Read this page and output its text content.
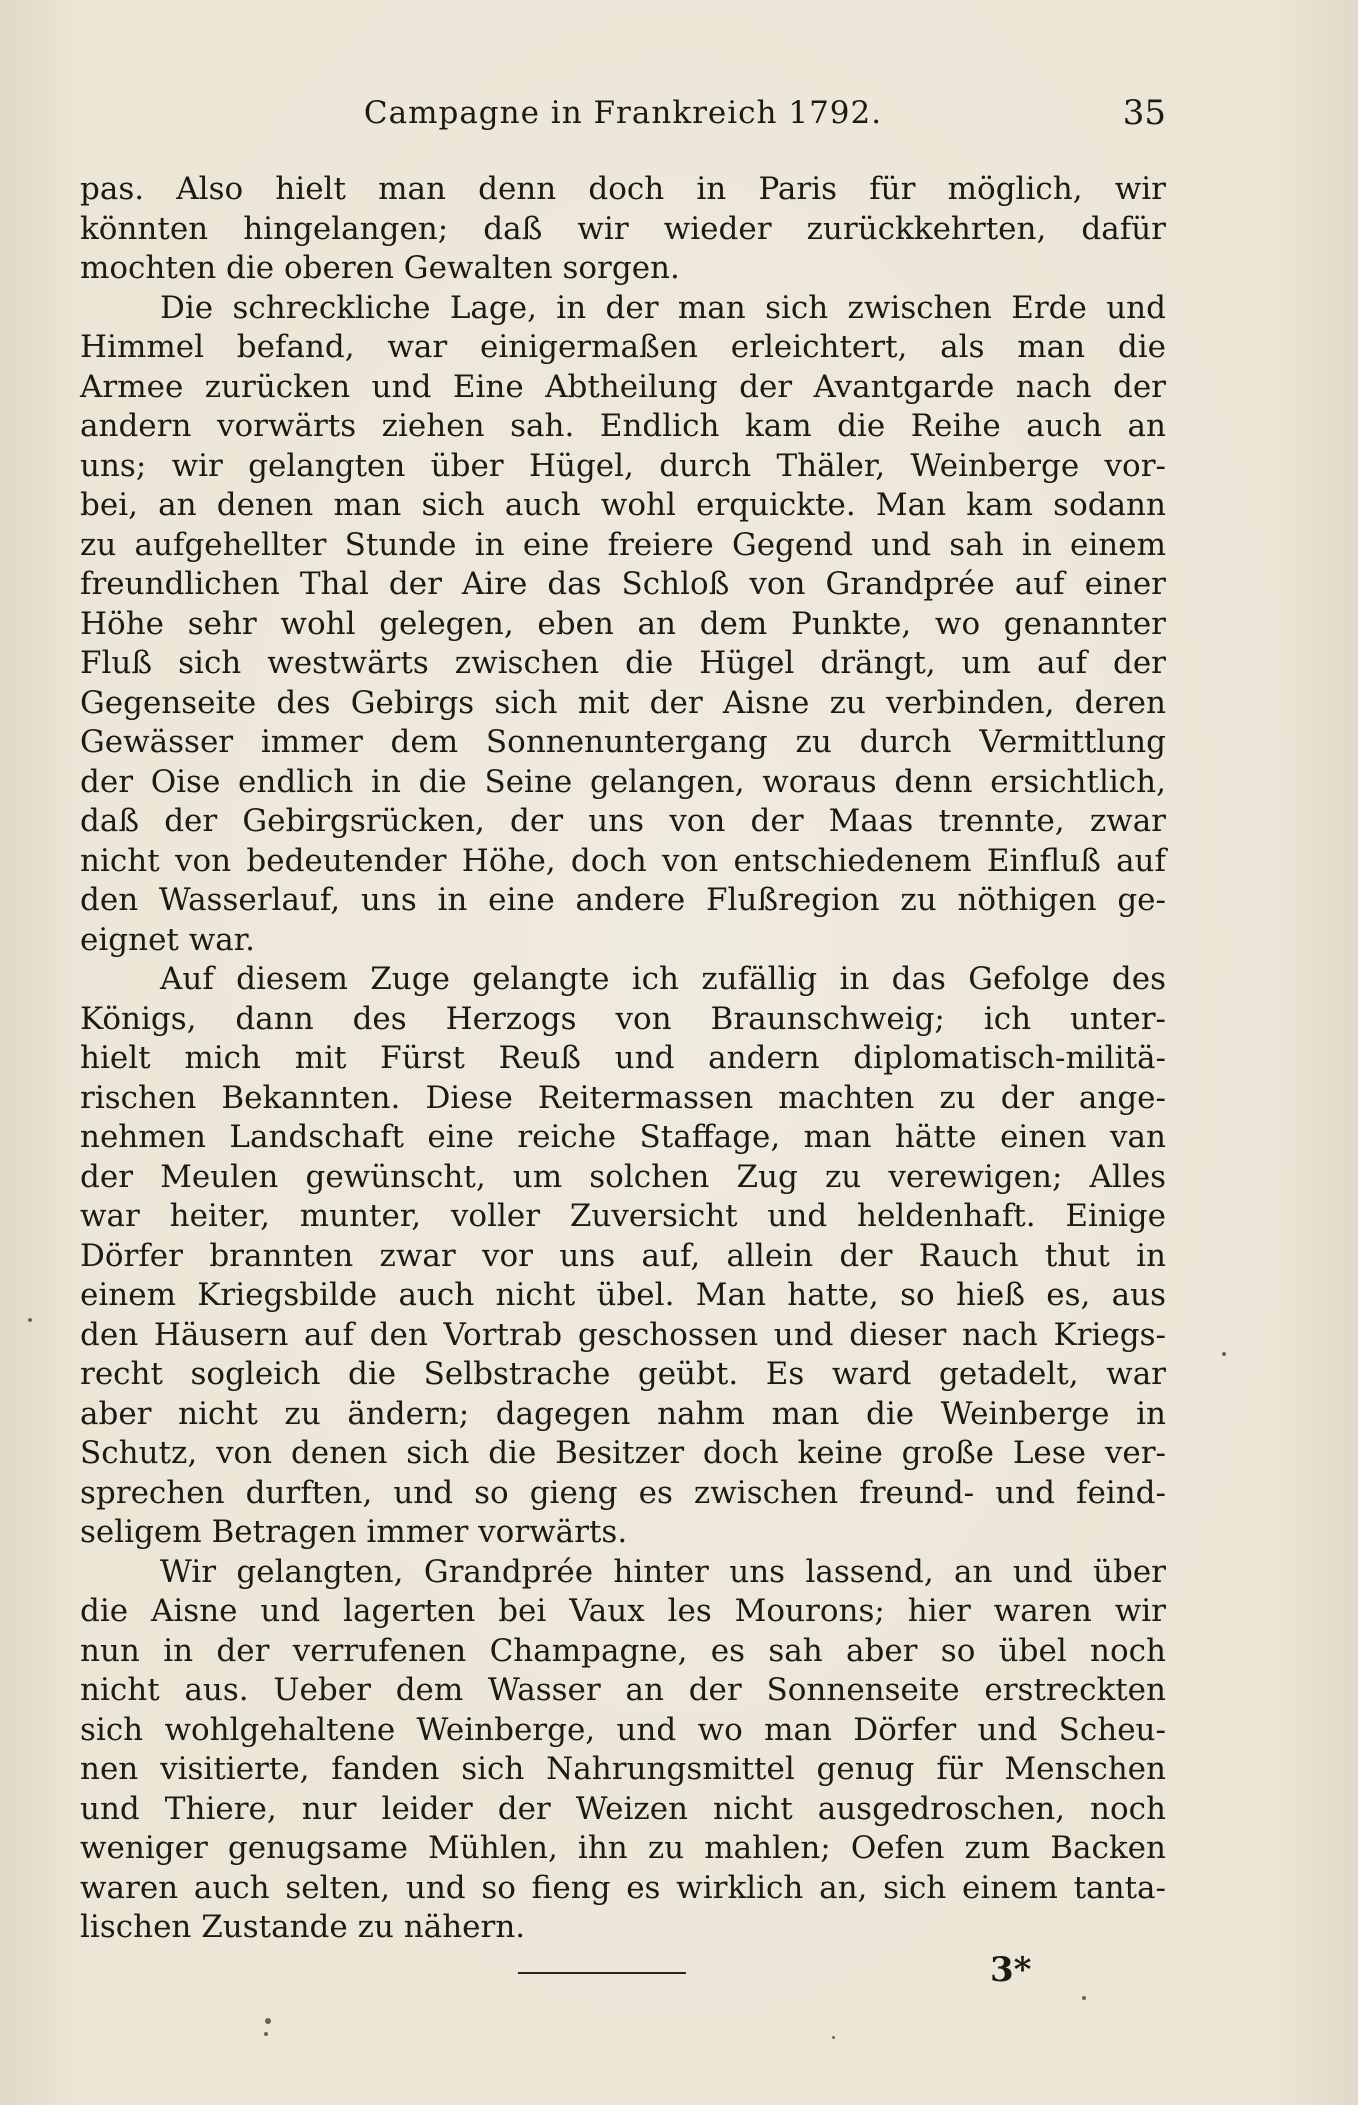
Campagne in Frankreich 1792.	35
pas. Also hielt man denn doch in Paris für möglich, wir
könnten hingelangen; daß wir wieder zurückkehrten, dafür
mochten die oberen Gewalten sorgen.
Die schreckliche Lage, in der man sich zwischen Erde und
Himmel befand, war einigermaßen erleichtert, als man die
Armee zurücken und Eine Abtheilung der Avantgarde nach der
andern vorwärts ziehen sah. Endlich kam die Reihe auch an
uns; wir gelangten über Hügel, durch Thäler, Weinberge vor-
bei, an denen man sich auch wohl erquickte. Man kam sodann
zu aufgehellter Stunde in eine freiere Gegend und sah in einem
freundlichen Thal der Aire das Schloß von Grandprée auf einer
Höhe sehr wohl gelegen, eben an dem Punkte, wo genannter
Fluß sich westwärts zwischen die Hügel drängt, um auf der
Gegenseite des Gebirgs sich mit der Aisne zu verbinden, deren
Gewässer immer dem Sonnenuntergang zu durch Vermittlung
der Oise endlich in die Seine gelangen, woraus denn ersichtlich,
daß der Gebirgsrücken, der uns von der Maas trennte, zwar
nicht von bedeutender Höhe, doch von entschiedenem Einfluß auf
den Wasserlauf, uns in eine andere Flußregion zu nöthigen ge-
eignet war.
Auf diesem Zuge gelangte ich zufällig in das Gefolge des
Königs, dann des Herzogs von Braunschweig; ich unter-
hielt mich mit Fürst Reuß und andern diplomatisch-militä-
rischen Bekannten. Diese Reitermassen machten zu der ange-
nehmen Landschaft eine reiche Staffage, man hätte einen van
der Meulen gewünscht, um solchen Zug zu verewigen; Alles
war heiter, munter, voller Zuversicht und heldenhaft. Einige
Dörfer brannten zwar vor uns auf, allein der Rauch thut in
einem Kriegsbilde auch nicht übel. Man hatte, so hieß es, aus
den Häusern auf den Vortrab geschossen und dieser nach Kriegs-
recht sogleich die Selbstrache geübt. Es ward getadelt, war
aber nicht zu ändern; dagegen nahm man die Weinberge in
Schutz, von denen sich die Besitzer doch keine große Lese ver-
sprechen durften, und so gieng es zwischen freund- und feind-
seligem Betragen immer vorwärts.
Wir gelangten, Grandprée hinter uns lassend, an und über
die Aisne und lagerten bei Vaux les Mourons; hier waren wir
nun in der verrufenen Champagne, es sah aber so übel noch
nicht aus. Ueber dem Wasser an der Sonnenseite erstreckten
sich wohlgehaltene Weinberge, und wo man Dörfer und Scheu-
nen visitierte, fanden sich Nahrungsmittel genug für Menschen
und Thiere, nur leider der Weizen nicht ausgedroschen, noch
weniger genugsame Mühlen, ihn zu mahlen; Oefen zum Backen
waren auch selten, und so fieng es wirklich an, sich einem tanta-
lischen Zustande zu nähern.
3*
